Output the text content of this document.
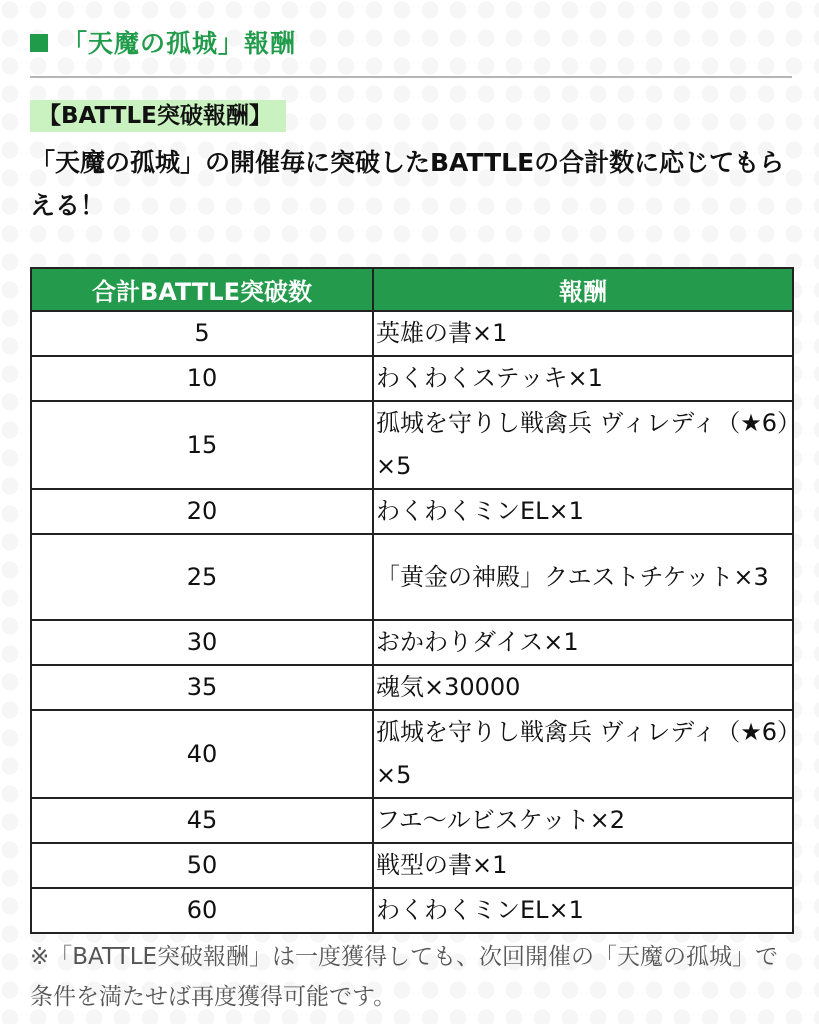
「天魔の孤城」報酬
【BATTLE突破報酬】
「天魔の孤城」の開催毎に突破したBATTLEの合計数に応じてもらえる！
合計BATTLE突破数	報酬
5	英雄の書×1
10	わくわくステッキ×1
15	孤城を守りし戦禽兵 ヴィレディ（★6）×5
20	わくわくミンEL×1
25	「黄金の神殿」クエストチケット×3
30	おかわりダイス×1
35	魂気×30000
40	孤城を守りし戦禽兵 ヴィレディ（★6）×5
45	フエ〜ルビスケット×2
50	戦型の書×1
60	わくわくミンEL×1
※「BATTLE突破報酬」は一度獲得しても、次回開催の「天魔の孤城」で条件を満たせば再度獲得可能です。
